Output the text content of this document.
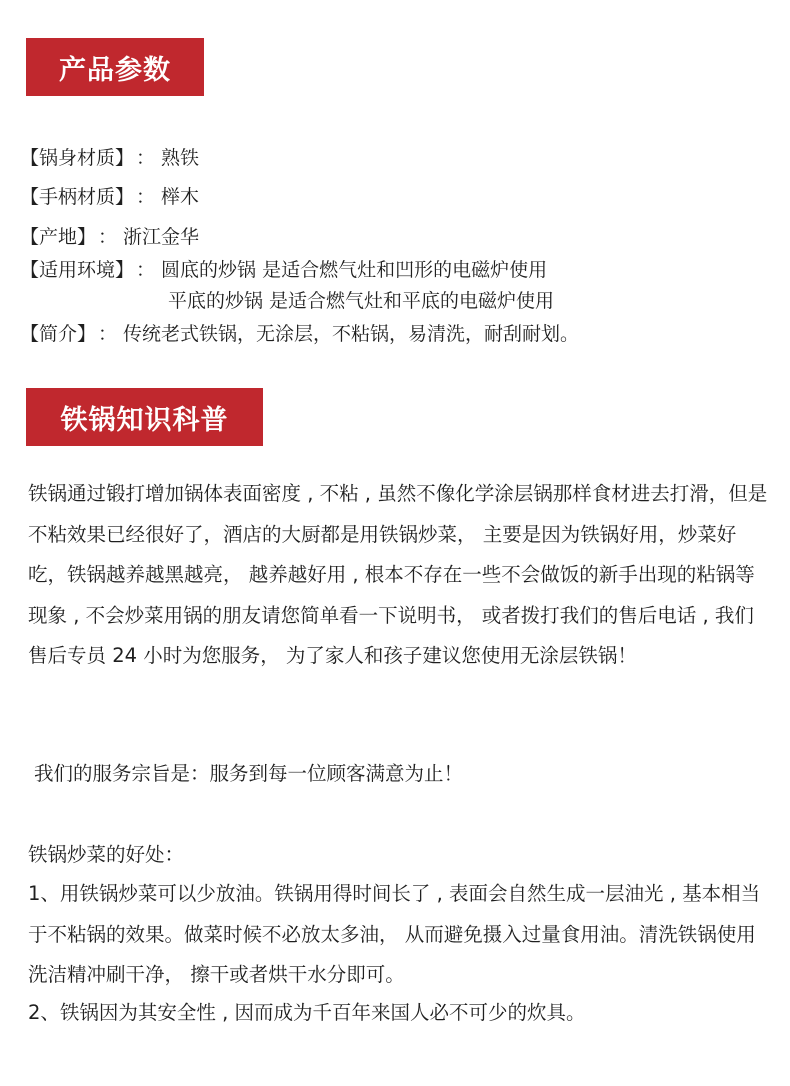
产品参数
【锅身材质】 ： 熟铁
【手柄材质】 ： 榉木
【产地】 ： 浙江金华
【适用环境】 ： 圆底的炒锅 是适合燃气灶和凹形的电磁炉使用
平底的炒锅 是适合燃气灶和平底的电磁炉使用
【简介】 ： 传统老式铁锅，无涂层，不粘锅，易清洗，耐刮耐划。
铁锅知识科普

铁锅通过锻打增加锅体表面密度 , 不粘 , 虽然不像化学涂层锅那样食材进去打滑，但是不粘效果已经很好了，酒店的大厨都是用铁锅炒菜， 主要是因为铁锅好用，炒菜好吃，铁锅越养越黑越亮， 越养越好用 , 根本不存在一些不会做饭的新手出现的粘锅等现象 , 不会炒菜用锅的朋友请您简单看一下说明书， 或者拨打我们的售后电话 , 我们售后专员 24 小时为您服务， 为了家人和孩子建议您使用无涂层铁锅！

我们的服务宗旨是：服务到每一位顾客满意为止！
铁锅炒菜的好处：

1、用铁锅炒菜可以少放油。铁锅用得时间长了 , 表面会自然生成一层油光 , 基本相当于不粘锅的效果。做菜时候不必放太多油， 从而避免摄入过量食用油。清洗铁锅使用洗洁精冲刷干净， 擦干或者烘干水分即可。

2、铁锅因为其安全性 , 因而成为千百年来国人必不可少的炊具。
